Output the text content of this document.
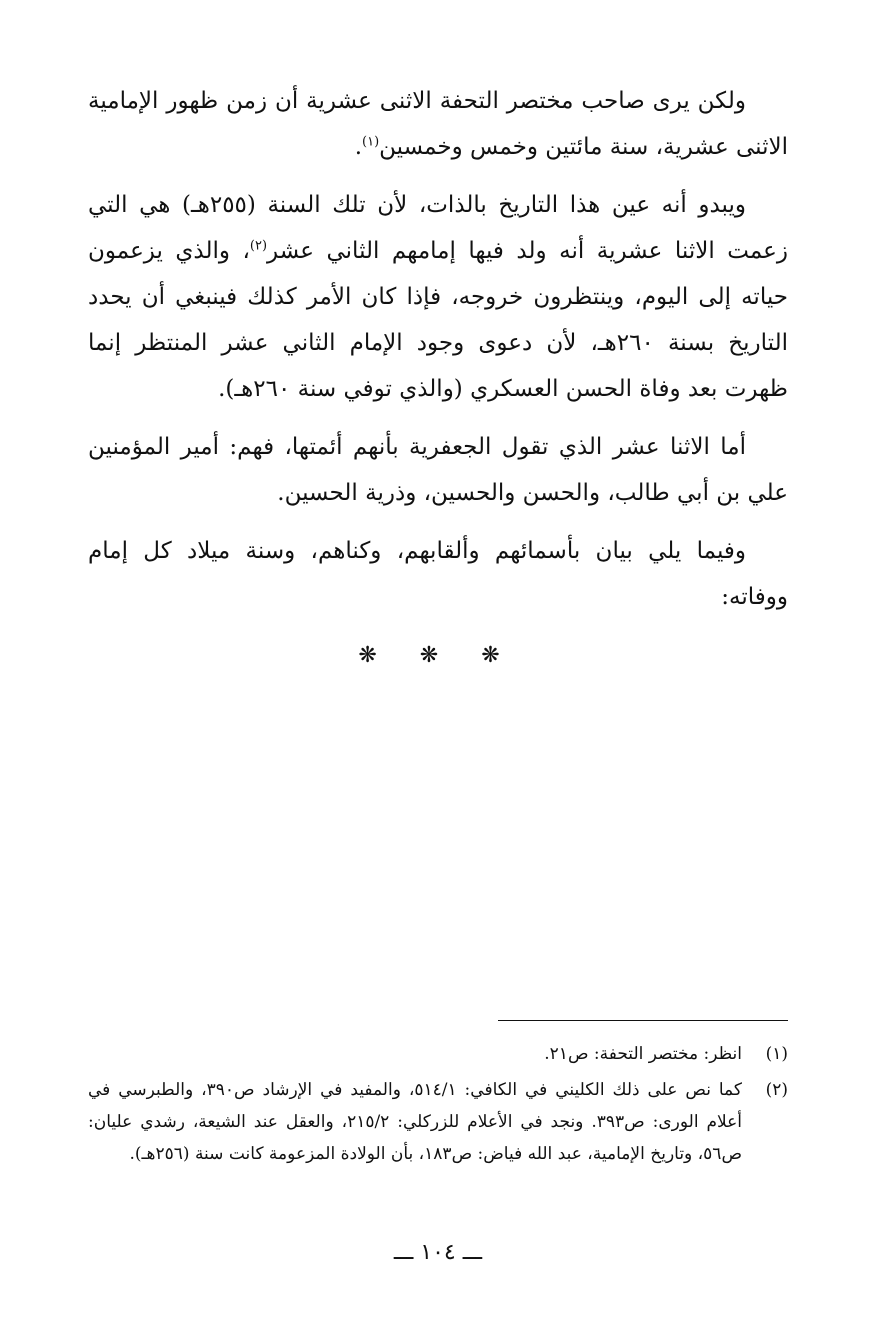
ولكن يرى صاحب مختصر التحفة الاثنى عشرية أن زمن ظهور الإمامية الاثنى عشرية، سنة مائتين وخمس وخمسين$^{(١)}$.

ويبدو أنه عين هذا التاريخ بالذات، لأن تلك السنة (٢٥٥هـ) هي التي زعمت الاثنا عشرية أنه ولد فيها إمامهم الثاني عشر$^{(٢)}$، والذي يزعمون حياته إلى اليوم، وينتظرون خروجه، فإذا كان الأمر كذلك فينبغي أن يحدد التاريخ بسنة ٢٦٠هـ، لأن دعوى وجود الإمام الثاني عشر المنتظر إنما ظهرت بعد وفاة الحسن العسكري (والذي توفي سنة ٢٦٠هـ).

أما الاثنا عشر الذي تقول الجعفرية بأنهم أئمتها، فهم: أمير المؤمنين علي بن أبي طالب، والحسن والحسين، وذرية الحسين.

وفيما يلي بيان بأسمائهم وألقابهم، وكناهم، وسنة ميلاد كل إمام ووفاته:

❋ ❋ ❋
(١)
انظر: مختصر التحفة: ص٢١.
(٢)
كما نص على ذلك الكليني في الكافي: ٥١٤/١، والمفيد في الإرشاد ص٣٩٠، والطبرسي في أعلام الورى: ص٣٩٣. ونجد في الأعلام للزركلي: ٢١٥/٢، والعقل عند الشيعة، رشدي عليان: ص٥٦، وتاريخ الإمامية، عبد الله فياض: ص١٨٣، بأن الولادة المزعومة كانت سنة (٢٥٦هـ).
ـــ ١٠٤ ـــ
